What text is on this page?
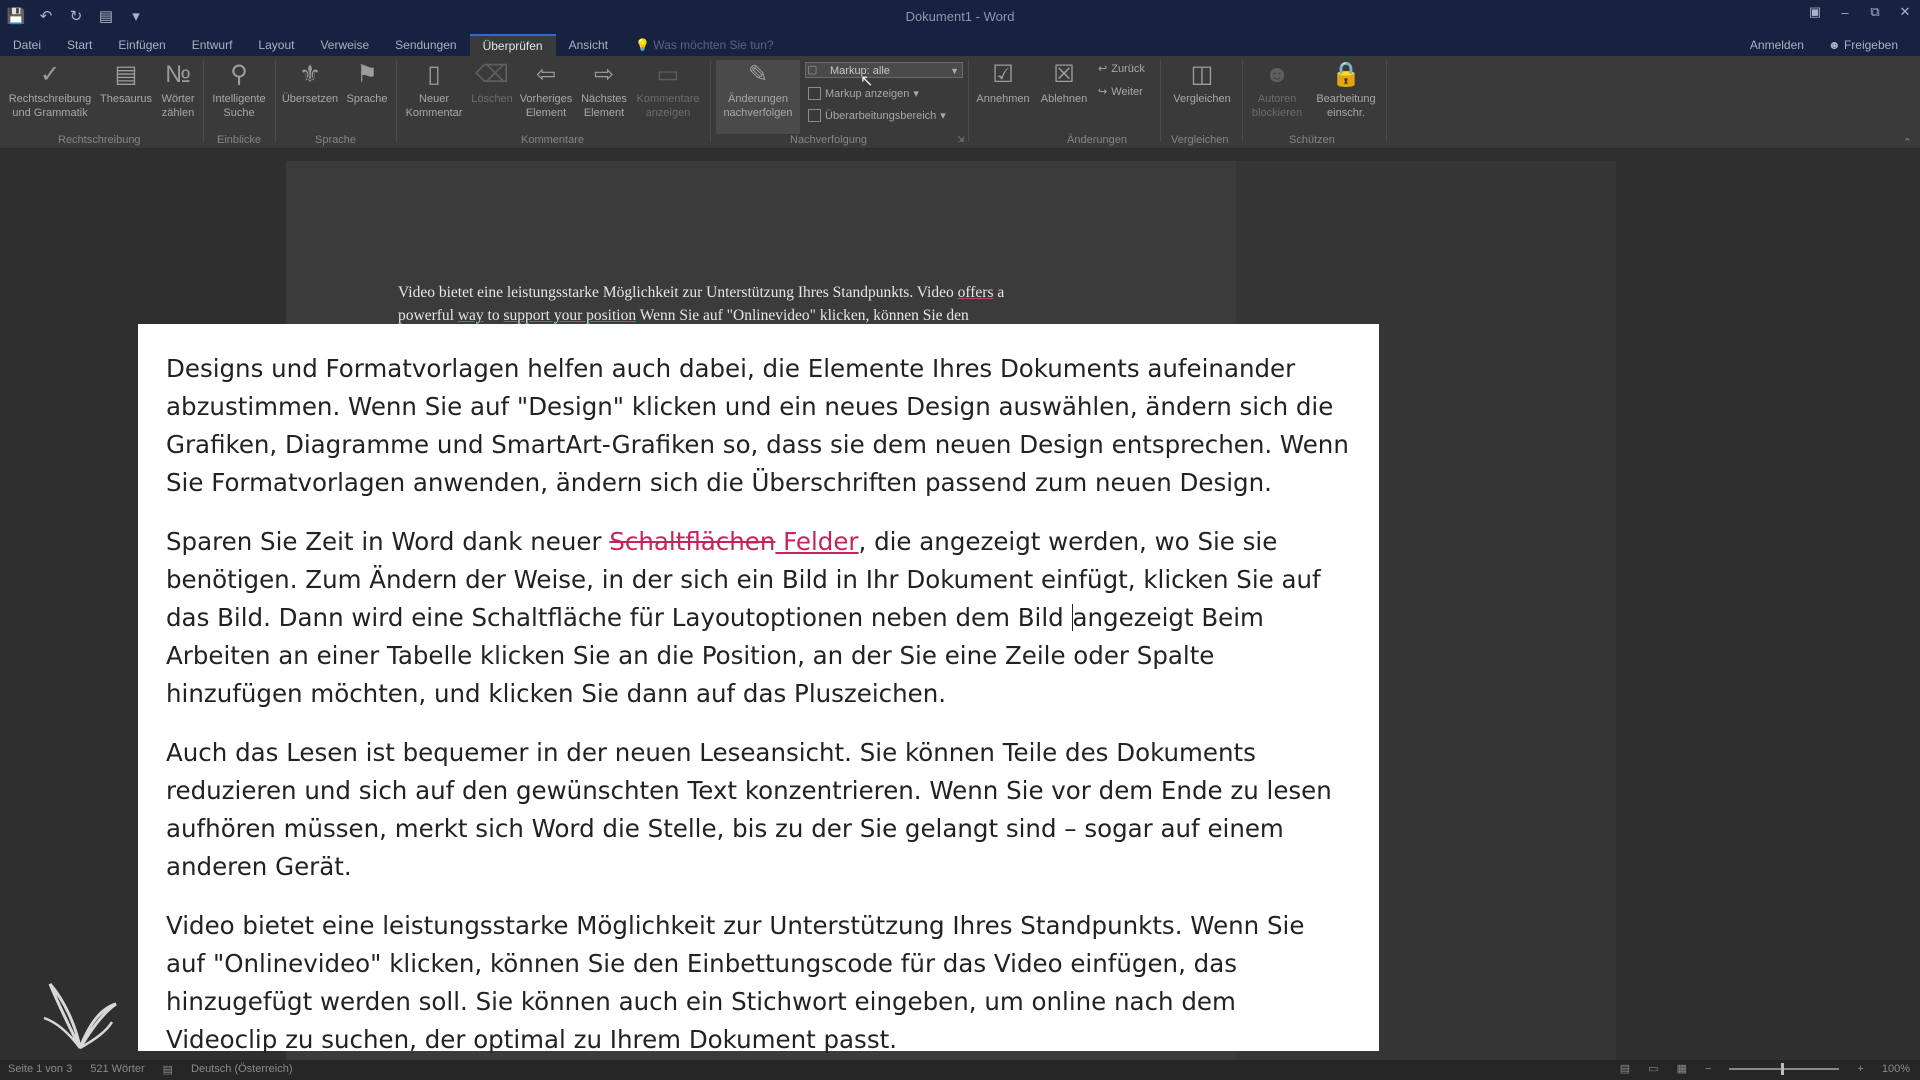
💾 ↶ ↻ ▤	▾	Dokument1 - Word	▣	–	⧉	✕
Datei	Start	Einfügen	Entwurf	Layout	Verweise	Sendungen	Überprüfen	Ansicht	💡 Was möchten Sie tun?	Anmelden ☻ Freigeben
✓
Rechtschreibung und Grammatik
▤
Thesaurus
№
Wörter zählen
⚲
Intelligente Suche
⚜
Übersetzen
⚑
Sprache
▯
Neuer Kommentar
⌫
Löschen
⇦
Vorheriges Element
⇨
Nächstes Element
▭
Kommentare anzeigen
✎
Änderungen nachverfolgen
Markup: alle	▼
▢
Markup anzeigen ▾
Überarbeitungsbereich ▾
↖	☑
Annehmen
☒
Ablehnen
↩ Zurück
↪ Weiter
◫
Vergleichen
☻
Autoren blockieren
🔒
Bearbeitung einschr.
Rechtschreibung	Einblicke	Sprache	Kommentare	Nachverfolgung	⇲	Änderungen	Vergleichen	Schützen	⌃
Video bietet eine leistungsstarke Möglichkeit zur Unterstützung Ihres Standpunkts. Video offers a
powerful way to support your position Wenn Sie auf "Onlinevideo" klicken, können Sie den

Designs und Formatvorlagen helfen auch dabei, die Elemente Ihres Dokuments aufeinander abzustimmen. Wenn Sie auf "Design" klicken und ein neues Design auswählen, ändern sich die Grafiken, Diagramme und SmartArt-Grafiken so, dass sie dem neuen Design entsprechen. Wenn Sie Formatvorlagen anwenden, ändern sich die Überschriften passend zum neuen Design.

Sparen Sie Zeit in Word dank neuer Schaltflächen Felder, die angezeigt werden, wo Sie sie benötigen. Zum Ändern der Weise, in der sich ein Bild in Ihr Dokument einfügt, klicken Sie auf das Bild. Dann wird eine Schaltfläche für Layoutoptionen neben dem Bild angezeigt Beim Arbeiten an einer Tabelle klicken Sie an die Position, an der Sie eine Zeile oder Spalte hinzufügen möchten, und klicken Sie dann auf das Pluszeichen.

Auch das Lesen ist bequemer in der neuen Leseansicht. Sie können Teile des Dokuments reduzieren und sich auf den gewünschten Text konzentrieren. Wenn Sie vor dem Ende zu lesen aufhören müssen, merkt sich Word die Stelle, bis zu der Sie gelangt sind – sogar auf einem anderen Gerät.

Video bietet eine leistungsstarke Möglichkeit zur Unterstützung Ihres Standpunkts. Wenn Sie auf "Onlinevideo" klicken, können Sie den Einbettungscode für das Video einfügen, das hinzugefügt werden soll. Sie können auch ein Stichwort eingeben, um online nach dem Videoclip zu suchen, der optimal zu Ihrem Dokument passt.

Seite 1 von 3 521 Wörter ▤ Deutsch (Österreich)	▤ ▭ ▦ −	+ 100%
